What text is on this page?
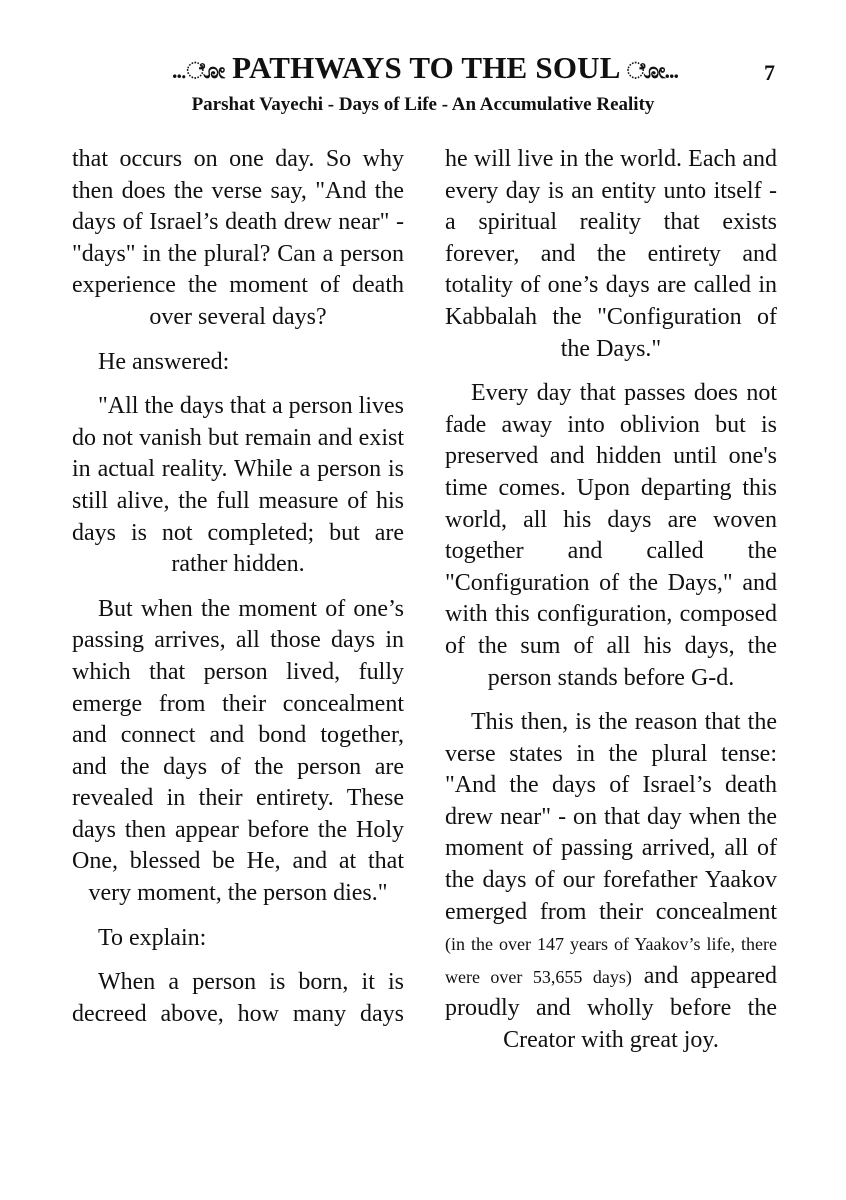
...ೋ PATHWAYS TO THE SOUL ೋ...	7
Parshat Vayechi - Days of Life - An Accumulative Reality

that occurs on one day. So why then does the verse say, "And the days of Israel’s death drew near" - "days" in the plural? Can a person experience the moment of death over several days?

He answered:

"All the days that a person lives do not vanish but remain and exist in actual reality. While a person is still alive, the full measure of his days is not completed; but are rather hidden.

But when the moment of one’s passing arrives, all those days in which that person lived, fully emerge from their concealment and connect and bond together, and the days of the person are revealed in their entirety. These days then appear before the Holy One, blessed be He, and at that very moment, the person dies."

To explain:

When a person is born, it is decreed above, how many days

he will live in the world. Each and every day is an entity unto itself - a spiritual reality that exists forever, and the entirety and totality of one’s days are called in Kabbalah the "Configuration of the Days."

Every day that passes does not fade away into oblivion but is preserved and hidden until one's time comes. Upon departing this world, all his days are woven together and called the "Configuration of the Days," and with this configuration, composed of the sum of all his days, the person stands before G-d.

This then, is the reason that the verse states in the plural tense: "And the days of Israel’s death drew near" - on that day when the moment of passing arrived, all of the days of our forefather Yaakov emerged from their concealment (in the over 147 years of Yaakov’s life, there were over 53,655 days) and appeared proudly and wholly before the Creator with great joy.
